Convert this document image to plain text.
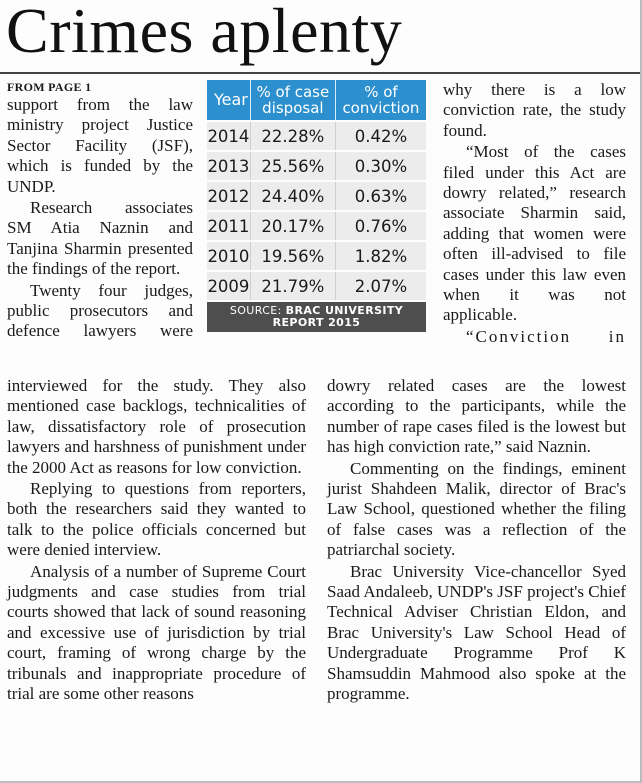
Crimes aplenty

FROM PAGE 1

support from the law ministry project Justice Sector Facility (JSF), which is funded by the UNDP.

Research associates SM Atia Naznin and Tanjina Sharmin presented the findings of the report.

Twenty four judges, public prosecutors and defence lawyers were

Year	% of case disposal	% of conviction
2014	22.28%	0.42%
2013	25.56%	0.30%
2012	24.40%	0.63%
2011	20.17%	0.76%
2010	19.56%	1.82%
2009	21.79%	2.07%
SOURCE: BRAC UNIVERSITY REPORT 2015

why there is a low conviction rate, the study found.

“Most of the cases filed under this Act are dowry related,” research associate Sharmin said, adding that women were often ill-advised to file cases under this law even when it was not applicable.

“Conviction in

interviewed for the study. They also mentioned case backlogs, technicalities of law, dissatisfactory role of prosecution lawyers and harshness of punishment under the 2000 Act as reasons for low conviction.

Replying to questions from reporters, both the researchers said they wanted to talk to the police officials concerned but were denied interview.

Analysis of a number of Supreme Court judgments and case studies from trial courts showed that lack of sound reasoning and excessive use of jurisdiction by trial court, framing of wrong charge by the tribunals and inappropriate procedure of trial are some other reasons

dowry related cases are the lowest according to the participants, while the number of rape cases filed is the lowest but has high conviction rate,” said Naznin.

Commenting on the findings, eminent jurist Shahdeen Malik, director of Brac's Law School, questioned whether the filing of false cases was a reflection of the patriarchal society.

Brac University Vice-chancellor Syed Saad Andaleeb, UNDP's JSF project's Chief Technical Adviser Christian Eldon, and Brac University's Law School Head of Undergraduate Programme Prof K Shamsuddin Mahmood also spoke at the programme.
